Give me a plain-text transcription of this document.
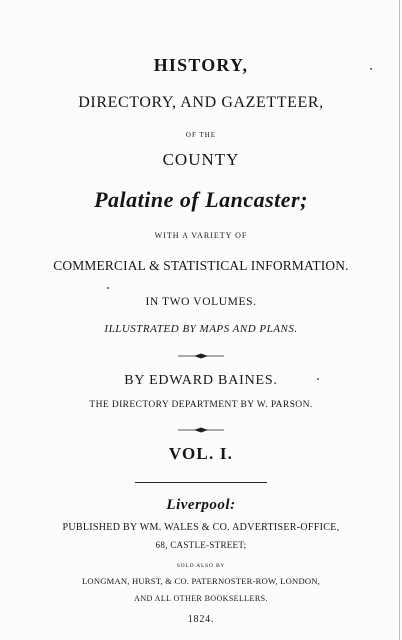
HISTORY,
DIRECTORY, AND GAZETTEER,
OF THE
COUNTY
Palatine of Lancaster;
WITH A VARIETY OF
COMMERCIAL & STATISTICAL INFORMATION.
IN TWO VOLUMES.
ILLUSTRATED BY MAPS AND PLANS.
BY EDWARD BAINES.
THE DIRECTORY DEPARTMENT BY W. PARSON.
VOL. I.
Liverpool:
PUBLISHED BY WM. WALES & CO. ADVERTISER-OFFICE,
68, CASTLE-STREET;
SOLD ALSO BY
LONGMAN, HURST, & CO. PATERNOSTER-ROW, LONDON,
AND ALL OTHER BOOKSELLERS.
1824.
